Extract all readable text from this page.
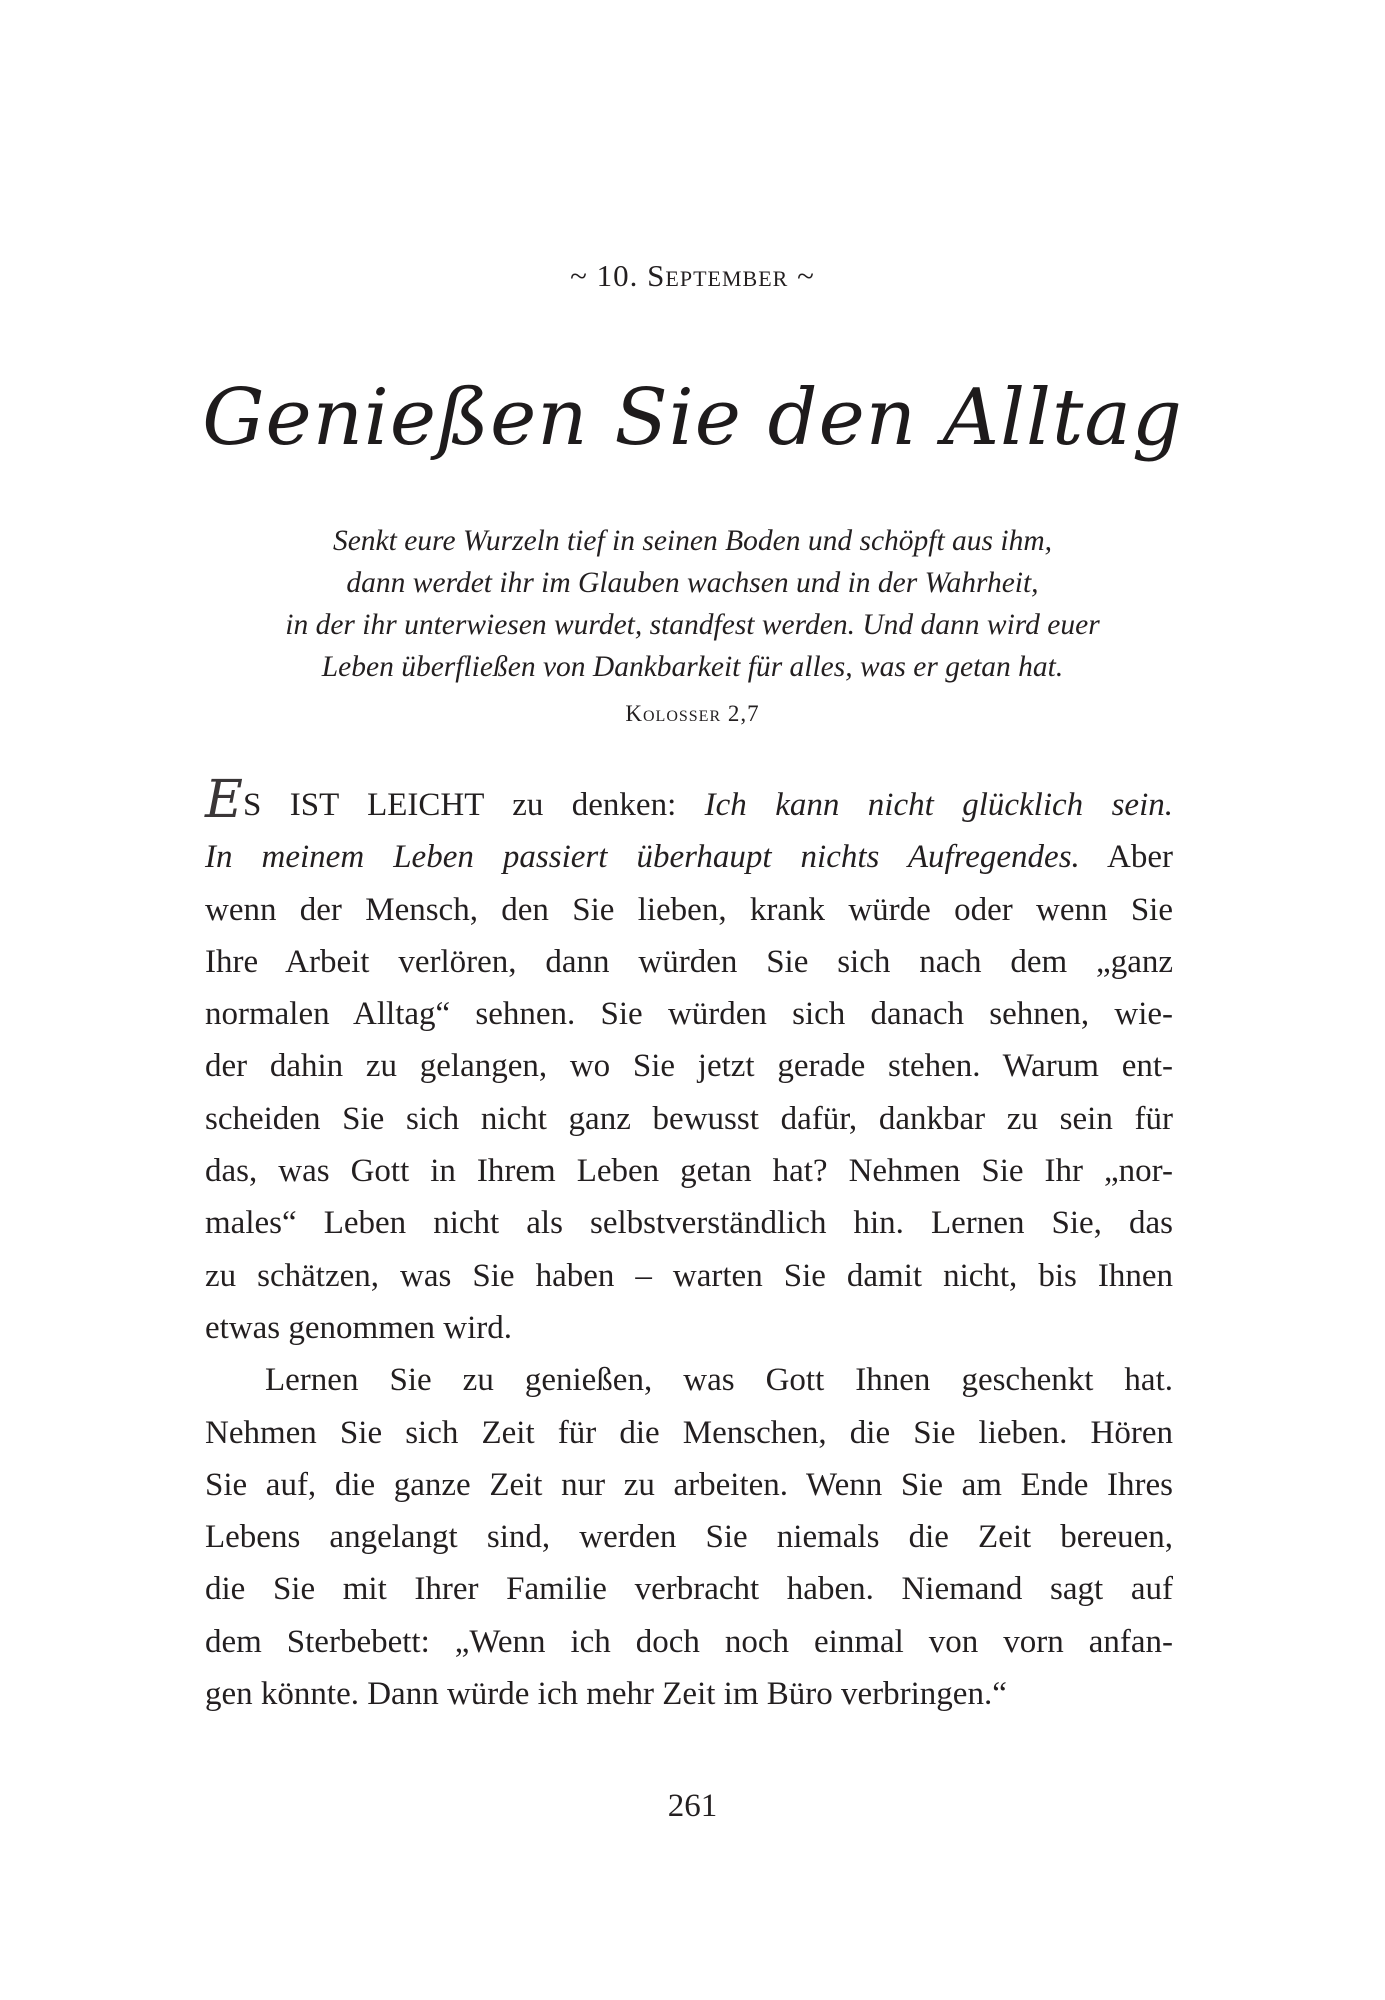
~ 10. September ~
Genießen Sie den Alltag
Senkt eure Wurzeln tief in seinen Boden und schöpft aus ihm,
dann werdet ihr im Glauben wachsen und in der Wahrheit,
in der ihr unterwiesen wurdet, standfest werden. Und dann wird euer
Leben überfließen von Dankbarkeit für alles, was er getan hat.
Kolosser 2,7
ES IST LEICHT zu denken: Ich kann nicht glücklich sein.
In meinem Leben passiert überhaupt nichts Aufregendes. Aber
wenn der Mensch, den Sie lieben, krank würde oder wenn Sie
Ihre Arbeit verlören, dann würden Sie sich nach dem „ganz
normalen Alltag“ sehnen. Sie würden sich danach sehnen, wie-
der dahin zu gelangen, wo Sie jetzt gerade stehen. Warum ent-
scheiden Sie sich nicht ganz bewusst dafür, dankbar zu sein für
das, was Gott in Ihrem Leben getan hat? Nehmen Sie Ihr „nor-
males“ Leben nicht als selbstverständlich hin. Lernen Sie, das
zu schätzen, was Sie haben – warten Sie damit nicht, bis Ihnen
etwas genommen wird.
Lernen Sie zu genießen, was Gott Ihnen geschenkt hat.
Nehmen Sie sich Zeit für die Menschen, die Sie lieben. Hören
Sie auf, die ganze Zeit nur zu arbeiten. Wenn Sie am Ende Ihres
Lebens angelangt sind, werden Sie niemals die Zeit bereuen,
die Sie mit Ihrer Familie verbracht haben. Niemand sagt auf
dem Sterbebett: „Wenn ich doch noch einmal von vorn anfan-
gen könnte. Dann würde ich mehr Zeit im Büro verbringen.“
261
